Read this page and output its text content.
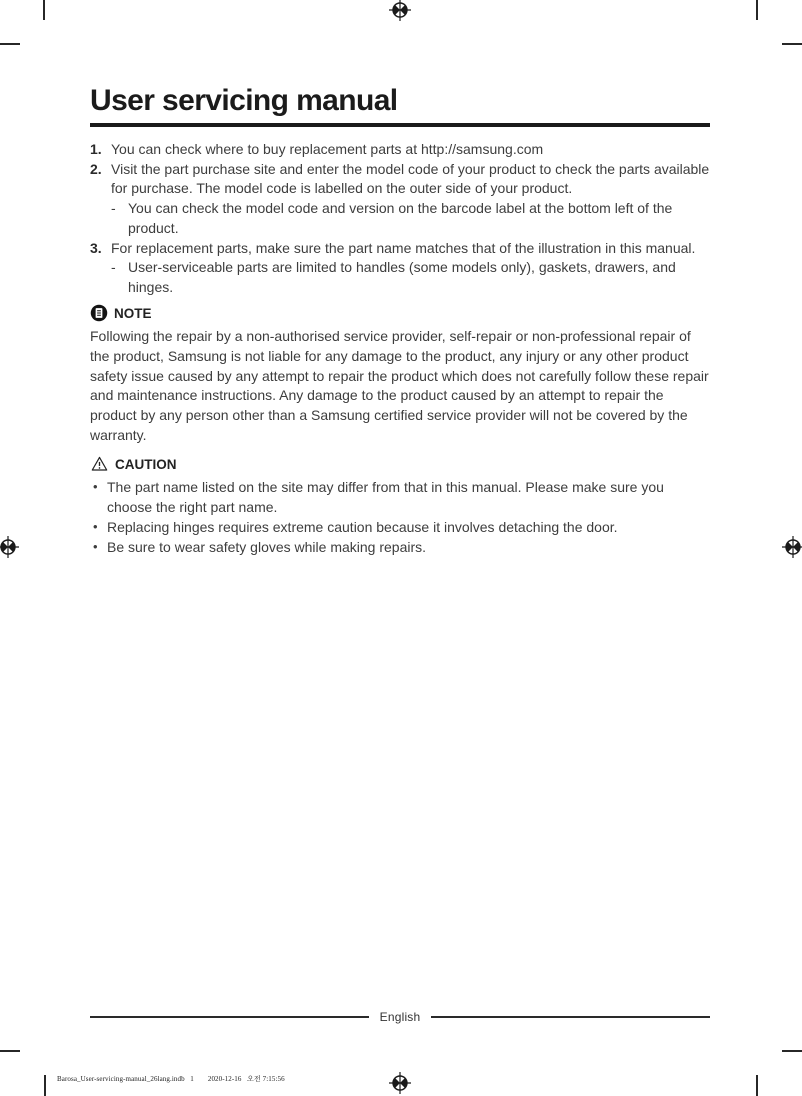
User servicing manual
1. You can check where to buy replacement parts at http://samsung.com
2. Visit the part purchase site and enter the model code of your product to check the parts available for purchase. The model code is labelled on the outer side of your product.
- You can check the model code and version on the barcode label at the bottom left of the product.
3. For replacement parts, make sure the part name matches that of the illustration in this manual.
- User-serviceable parts are limited to handles (some models only), gaskets, drawers, and hinges.
NOTE

Following the repair by a non-authorised service provider, self-repair or non-professional repair of the product, Samsung is not liable for any damage to the product, any injury or any other product safety issue caused by any attempt to repair the product which does not carefully follow these repair and maintenance instructions. Any damage to the product caused by an attempt to repair the product by any person other than a Samsung certified service provider will not be covered by the warranty.

CAUTION
• The part name listed on the site may differ from that in this manual. Please make sure you choose the right part name.
• Replacing hinges requires extreme caution because it involves detaching the door.
• Be sure to wear safety gloves while making repairs.
English
Barosa_User-servicing-manual_26lang.indb   1 2020-12-16   오전 7:15:56
